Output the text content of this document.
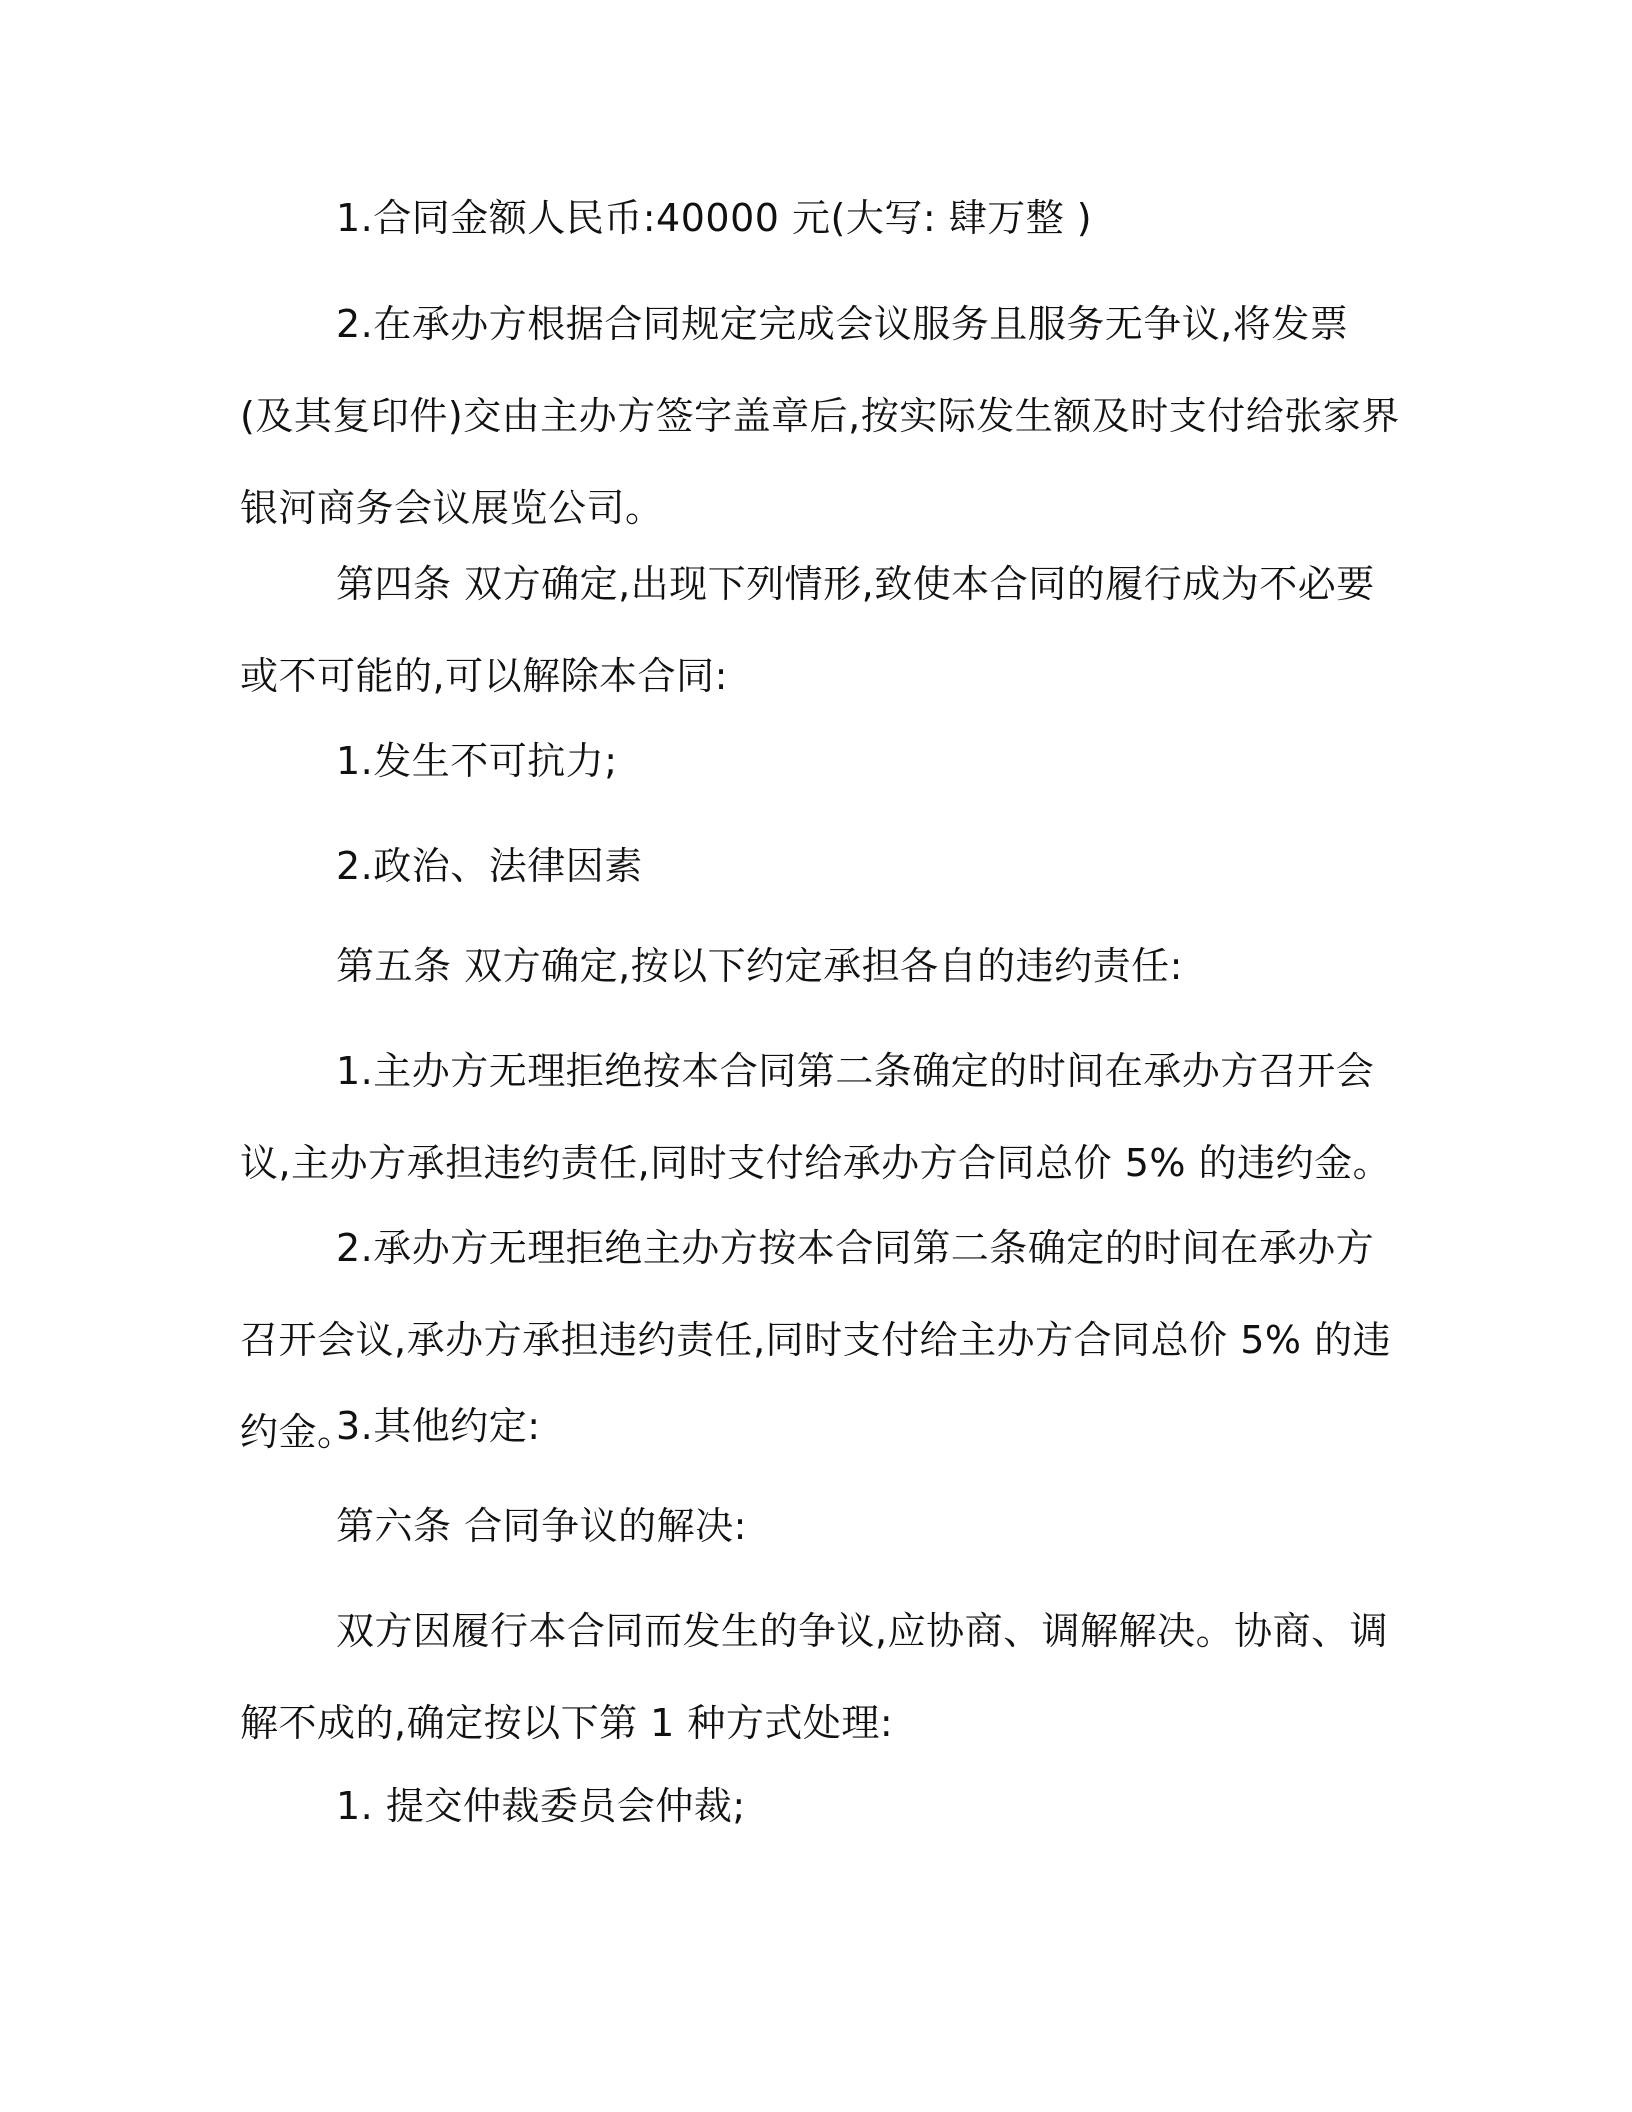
1.合同金额人民币:40000 元(大写: 肆万整 )

2.在承办方根据合同规定完成会议服务且服务无争议,将发票(及其复印件)交由主办方签字盖章后,按实际发生额及时支付给张家界银河商务会议展览公司。

第四条 双方确定,出现下列情形,致使本合同的履行成为不必要或不可能的,可以解除本合同:

1.发生不可抗力;

2.政治、法律因素

第五条 双方确定,按以下约定承担各自的违约责任:

1.主办方无理拒绝按本合同第二条确定的时间在承办方召开会议,主办方承担违约责任,同时支付给承办方合同总价 5% 的违约金。

2.承办方无理拒绝主办方按本合同第二条确定的时间在承办方召开会议,承办方承担违约责任,同时支付给主办方合同总价 5% 的违约金。

3.其他约定:

第六条 合同争议的解决:

双方因履行本合同而发生的争议,应协商、调解解决。协商、调解不成的,确定按以下第 1 种方式处理:

1. 提交仲裁委员会仲裁;
